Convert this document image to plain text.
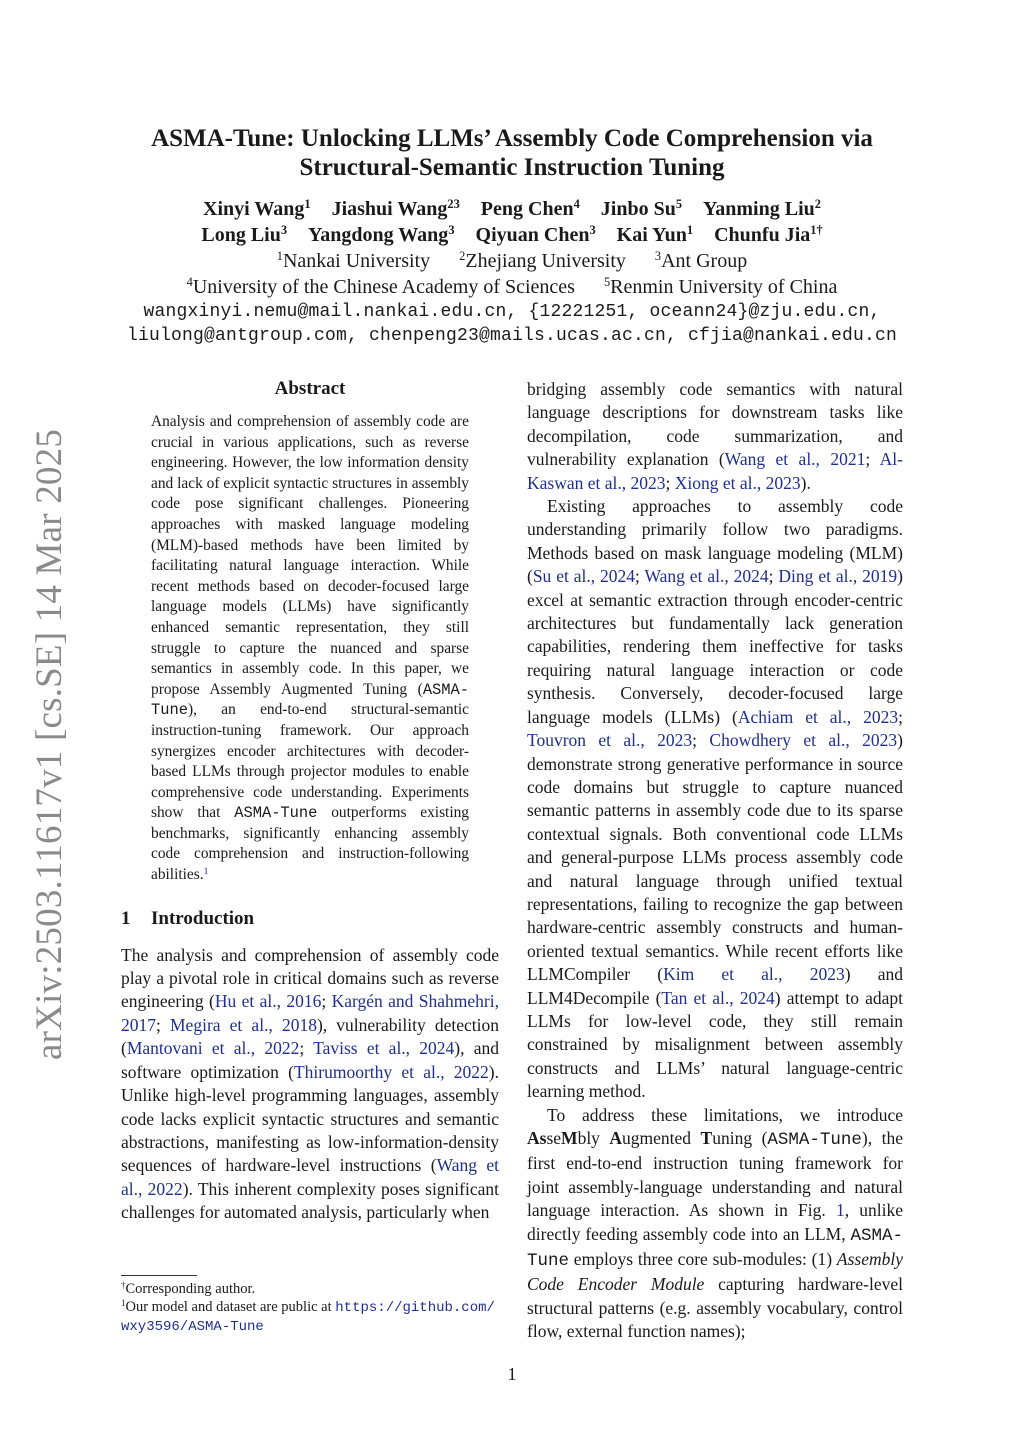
arXiv:2503.11617v1 [cs.SE] 14 Mar 2025
ASMA-Tune: Unlocking LLMs’ Assembly Code Comprehension via
Structural-Semantic Instruction Tuning
Xinyi Wang$^1$ Jiashui Wang$^{23}$ Peng Chen$^4$ Jinbo Su$^5$ Yanming Liu$^2$
Long Liu$^3$ Yangdong Wang$^3$ Qiyuan Chen$^3$ Kai Yun$^1$ Chunfu Jia$^{1\dagger}$
$^1$Nankai University $^2$Zhejiang University $^3$Ant Group
$^4$University of the Chinese Academy of Sciences $^5$Renmin University of China
wangxinyi.nemu@mail.nankai.edu.cn, {12221251, oceann24}@zju.edu.cn,
liulong@antgroup.com, chenpeng23@mails.ucas.ac.cn, cfjia@nankai.edu.cn
Abstract

Analysis and comprehension of assembly code are crucial in various applications, such as reverse engineering. However, the low information density and lack of explicit syntactic structures in assembly code pose significant challenges. Pioneering approaches with masked language modeling (MLM)-based methods have been limited by facilitating natural language interaction. While recent methods based on decoder-focused large language models (LLMs) have significantly enhanced semantic representation, they still struggle to capture the nuanced and sparse semantics in assembly code. In this paper, we propose Assembly Augmented Tuning (ASMA-Tune), an end-to-end structural-semantic instruction-tuning framework. Our approach synergizes encoder architectures with decoder-based LLMs through projector modules to enable comprehensive code understanding. Experiments show that ASMA-Tune outperforms existing benchmarks, significantly enhancing assembly code comprehension and instruction-following abilities.$^1$

1 Introduction

The analysis and comprehension of assembly code play a pivotal role in critical domains such as reverse engineering (Hu et al., 2016; Kargén and Shahmehri, 2017; Megira et al., 2018), vulnerability detection (Mantovani et al., 2022; Taviss et al., 2024), and software optimization (Thirumoorthy et al., 2022). Unlike high-level programming languages, assembly code lacks explicit syntactic structures and semantic abstractions, manifesting as low-information-density sequences of hardware-level instructions (Wang et al., 2022). This inherent complexity poses significant challenges for automated analysis, particularly when

bridging assembly code semantics with natural language descriptions for downstream tasks like decompilation, code summarization, and vulnerability explanation (Wang et al., 2021; Al-Kaswan et al., 2023; Xiong et al., 2023).

Existing approaches to assembly code understanding primarily follow two paradigms. Methods based on mask language modeling (MLM) (Su et al., 2024; Wang et al., 2024; Ding et al., 2019) excel at semantic extraction through encoder-centric architectures but fundamentally lack generation capabilities, rendering them ineffective for tasks requiring natural language interaction or code synthesis. Conversely, decoder-focused large language models (LLMs) (Achiam et al., 2023; Touvron et al., 2023; Chowdhery et al., 2023) demonstrate strong generative performance in source code domains but struggle to capture nuanced semantic patterns in assembly code due to its sparse contextual signals. Both conventional code LLMs and general-purpose LLMs process assembly code and natural language through unified textual representations, failing to recognize the gap between hardware-centric assembly constructs and human-oriented textual semantics. While recent efforts like LLMCompiler (Kim et al., 2023) and LLM4Decompile (Tan et al., 2024) attempt to adapt LLMs for low-level code, they still remain constrained by misalignment between assembly constructs and LLMs’ natural language-centric learning method.

To address these limitations, we introduce AsseMbly Augmented Tuning (ASMA-Tune), the first end-to-end instruction tuning framework for joint assembly-language understanding and natural language interaction. As shown in Fig. 1, unlike directly feeding assembly code into an LLM, ASMA-Tune employs three core sub-modules: (1) Assembly Code Encoder Module capturing hardware-level structural patterns (e.g. assembly vocabulary, control flow, external function names);

†Corresponding author.
$^1$Our model and dataset are public at https://github.com/wxy3596/ASMA-Tune
1
